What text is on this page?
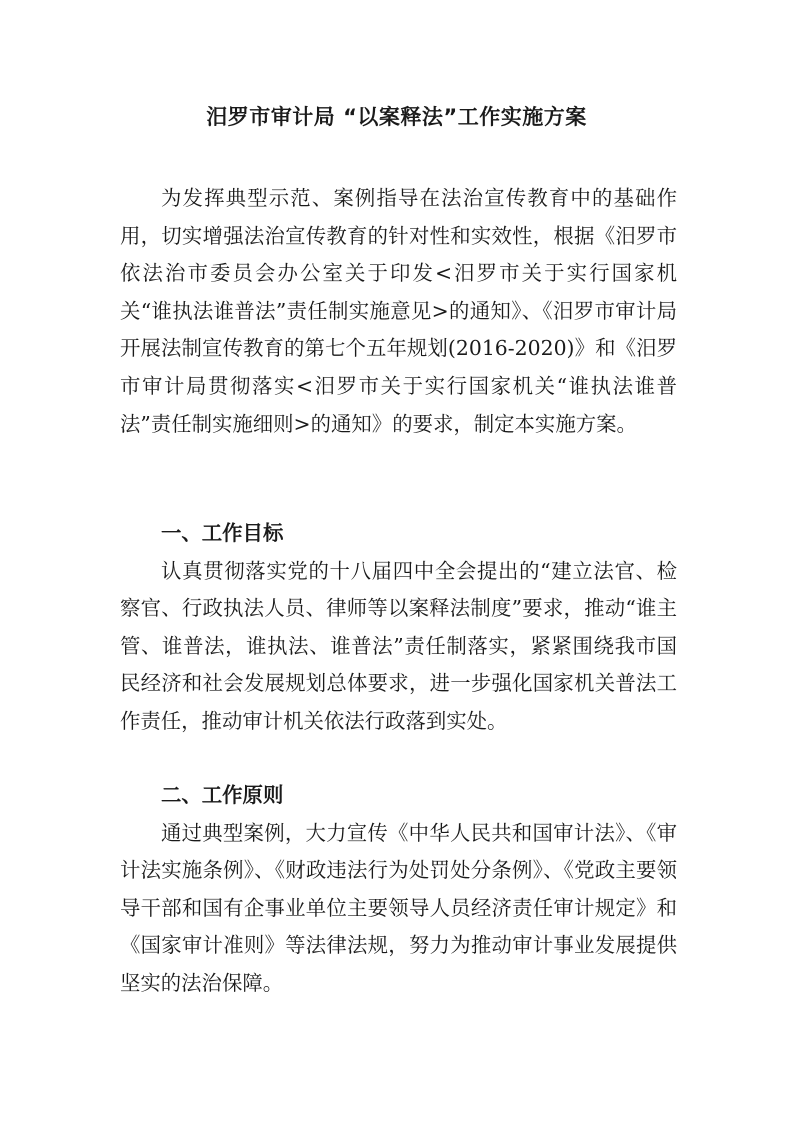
汨罗市审计局 “以案释法”工作实施方案

为发挥典型示范、案例指导在法治宣传教育中的基础作用，切实增强法治宣传教育的针对性和实效性，根据《汨罗市依法治市委员会办公室关于印发<汨罗市关于实行国家机关“谁执法谁普法”责任制实施意见>的通知》、《汨罗市审计局开展法制宣传教育的第七个五年规划(2016-2020)》和《汨罗市审计局贯彻落实<汨罗市关于实行国家机关“谁执法谁普法”责任制实施细则>的通知》的要求，制定本实施方案。

一、工作目标

认真贯彻落实党的十八届四中全会提出的“建立法官、检察官、行政执法人员、律师等以案释法制度”要求，推动“谁主管、谁普法，谁执法、谁普法”责任制落实，紧紧围绕我市国民经济和社会发展规划总体要求，进一步强化国家机关普法工作责任，推动审计机关依法行政落到实处。

二、工作原则

通过典型案例，大力宣传《中华人民共和国审计法》、《审计法实施条例》、《财政违法行为处罚处分条例》、《党政主要领导干部和国有企事业单位主要领导人员经济责任审计规定》和《国家审计准则》等法律法规，努力为推动审计事业发展提供坚实的法治保障。
